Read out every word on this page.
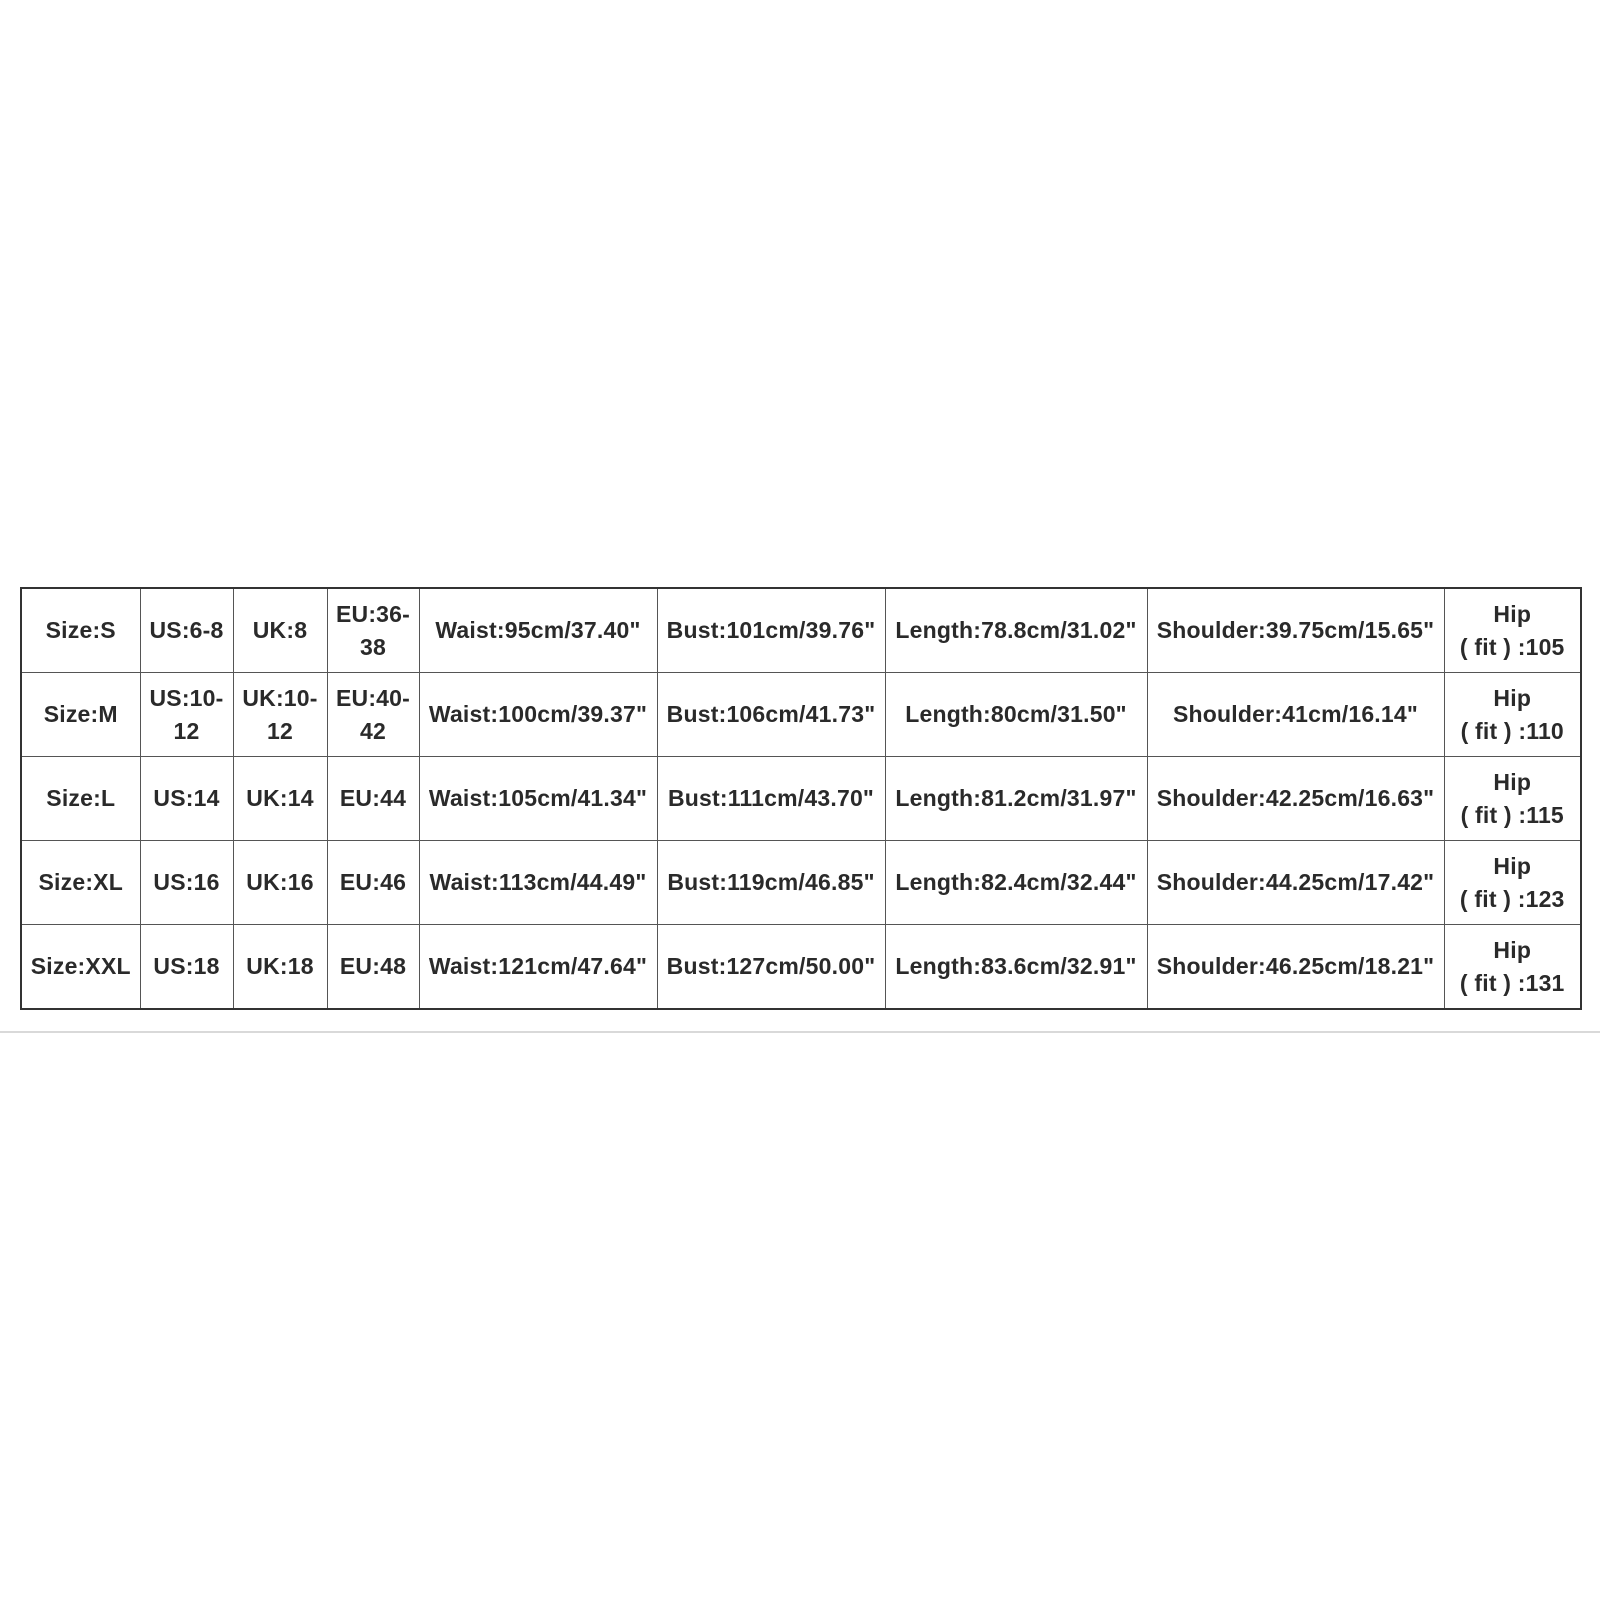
Size:S	US:6-8	UK:8	EU:36-
38	Waist:95cm/37.40"	Bust:101cm/39.76"	Length:78.8cm/31.02"	Shoulder:39.75cm/15.65"	Hip
( fit ) :105

Size:M	US:10-
12	UK:10-
12	EU:40-
42	Waist:100cm/39.37"	Bust:106cm/41.73"	Length:80cm/31.50"	Shoulder:41cm/16.14"	Hip
( fit ) :110

Size:L	US:14	UK:14	EU:44	Waist:105cm/41.34"	Bust:111cm/43.70"	Length:81.2cm/31.97"	Shoulder:42.25cm/16.63"	Hip
( fit ) :115

Size:XL	US:16	UK:16	EU:46	Waist:113cm/44.49"	Bust:119cm/46.85"	Length:82.4cm/32.44"	Shoulder:44.25cm/17.42"	Hip
( fit ) :123

Size:XXL	US:18	UK:18	EU:48	Waist:121cm/47.64"	Bust:127cm/50.00"	Length:83.6cm/32.91"	Shoulder:46.25cm/18.21"	Hip
( fit ) :131
